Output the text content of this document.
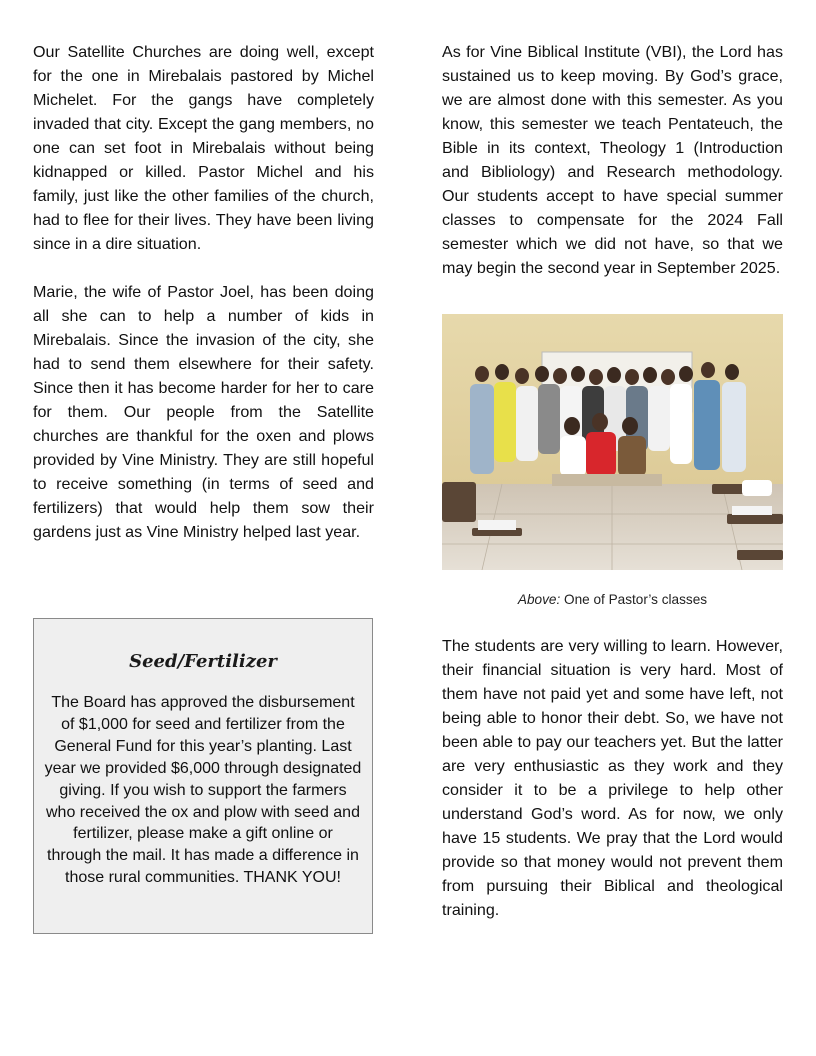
Our Satellite Churches are doing well, except for the one in Mirebalais pastored by Michel Michelet. For the gangs have completely invaded that city. Except the gang members, no one can set foot in Mirebalais without being kidnapped or killed. Pastor Michel and his family, just like the other families of the church, had to flee for their lives. They have been living since in a dire situation.

Marie, the wife of Pastor Joel, has been doing all she can to help a number of kids in Mirebalais. Since the invasion of the city, she had to send them elsewhere for their safety. Since then it has become harder for her to care for them. Our people from the Satellite churches are thankful for the oxen and plows provided by Vine Ministry. They are still hopeful to receive something (in terms of seed and fertilizers) that would help them sow their gardens just as Vine Ministry helped last year.

Seed/Fertilizer

The Board has approved the disbursement of $1,000 for seed and fertilizer from the General Fund for this year’s planting. Last year we provided $6,000 through designated giving. If you wish to support the farmers who received the ox and plow with seed and fertilizer, please make a gift online or through the mail. It has made a difference in those rural communities. THANK YOU!

As for Vine Biblical Institute (VBI), the Lord has sustained us to keep moving. By God’s grace, we are almost done with this semester. As you know, this semester we teach Pentateuch, the Bible in its context, Theology 1 (Introduction and Bibliology) and Research methodology. Our students accept to have special summer classes to compensate for the 2024 Fall semester which we did not have, so that we may begin the second year in September 2025.

Above: One of Pastor’s classes

The students are very willing to learn. However, their financial situation is very hard. Most of them have not paid yet and some have left, not being able to honor their debt. So, we have not been able to pay our teachers yet. But the latter are very enthusiastic as they work and they consider it to be a privilege to help other understand God’s word. As for now, we only have 15 students. We pray that the Lord would provide so that money would not prevent them from pursuing their Biblical and theological training.
